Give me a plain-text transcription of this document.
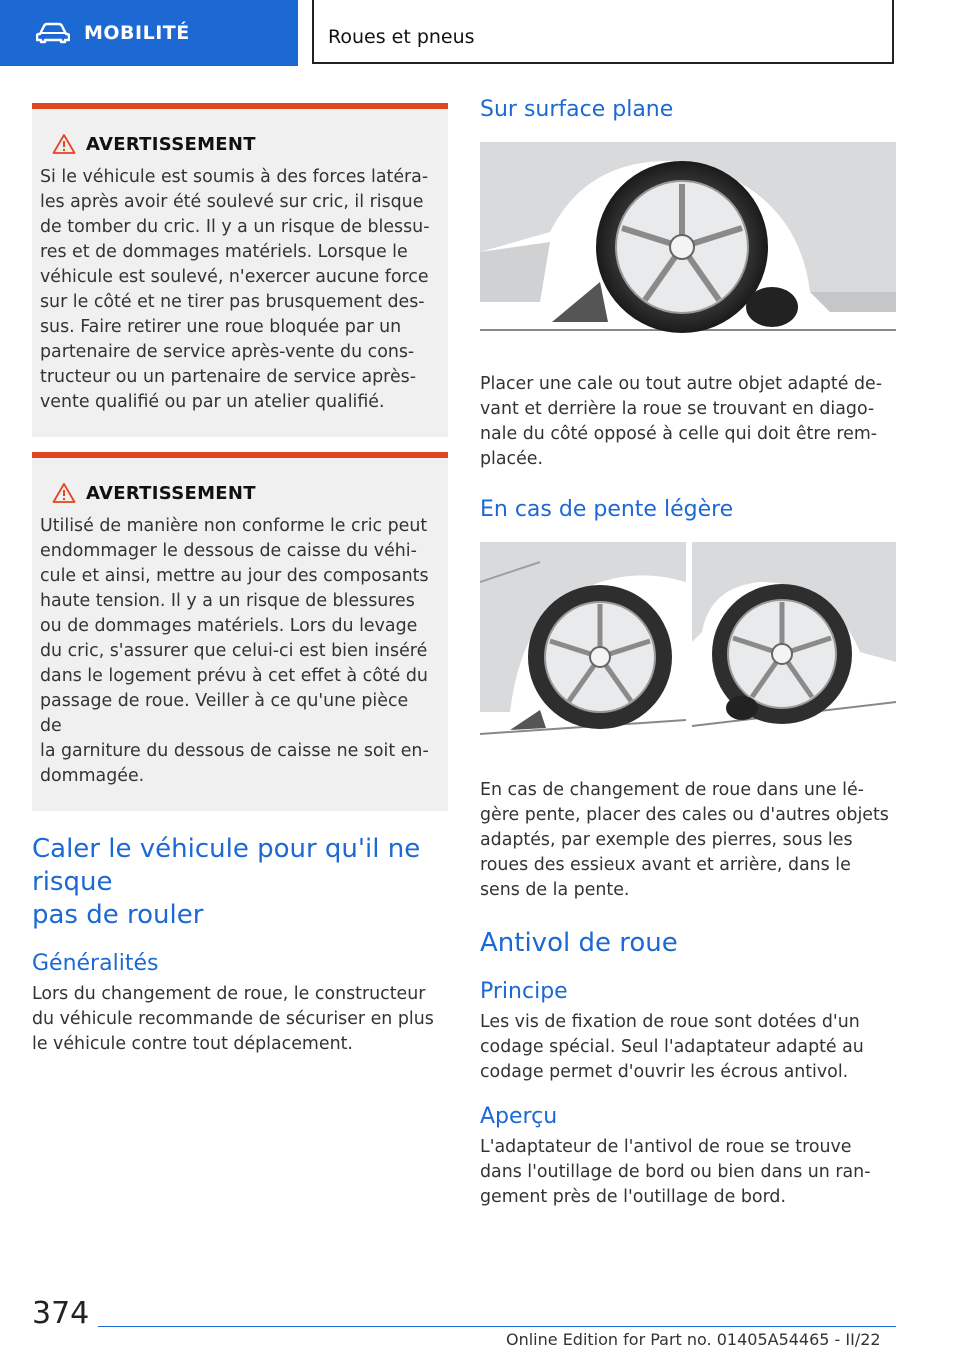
MOBILITÉ	Roues et pneus
AVERTISSEMENT

Si le véhicule est soumis à des forces latéra-
les après avoir été soulevé sur cric, il risque
de tomber du cric. Il y a un risque de blessu-
res et de dommages matériels. Lorsque le
véhicule est soulevé, n'exercer aucune force
sur le côté et ne tirer pas brusquement des-
sus. Faire retirer une roue bloquée par un
partenaire de service après-vente du cons-
tructeur ou un partenaire de service après-
vente qualifié ou par un atelier qualifié.

AVERTISSEMENT

Utilisé de manière non conforme le cric peut
endommager le dessous de caisse du véhi-
cule et ainsi, mettre au jour des composants
haute tension. Il y a un risque de blessures
ou de dommages matériels. Lors du levage
du cric, s'assurer que celui-ci est bien inséré
dans le logement prévu à cet effet à côté du
passage de roue. Veiller à ce qu'une pièce de
la garniture du dessous de caisse ne soit en-
dommagée.

Caler le véhicule pour qu'il ne risque
pas de rouler
Généralités

Lors du changement de roue, le constructeur
du véhicule recommande de sécuriser en plus
le véhicule contre tout déplacement.

Sur surface plane

Placer une cale ou tout autre objet adapté de-
vant et derrière la roue se trouvant en diago-
nale du côté opposé à celle qui doit être rem-
placée.

En cas de pente légère

En cas de changement de roue dans une lé-
gère pente, placer des cales ou d'autres objets
adaptés, par exemple des pierres, sous les
roues des essieux avant et arrière, dans le
sens de la pente.

Antivol de roue
Principe

Les vis de fixation de roue sont dotées d'un
codage spécial. Seul l'adaptateur adapté au
codage permet d'ouvrir les écrous antivol.

Aperçu

L'adaptateur de l'antivol de roue se trouve
dans l'outillage de bord ou bien dans un ran-
gement près de l'outillage de bord.

374
Online Edition for Part no. 01405A54465 - II/22
